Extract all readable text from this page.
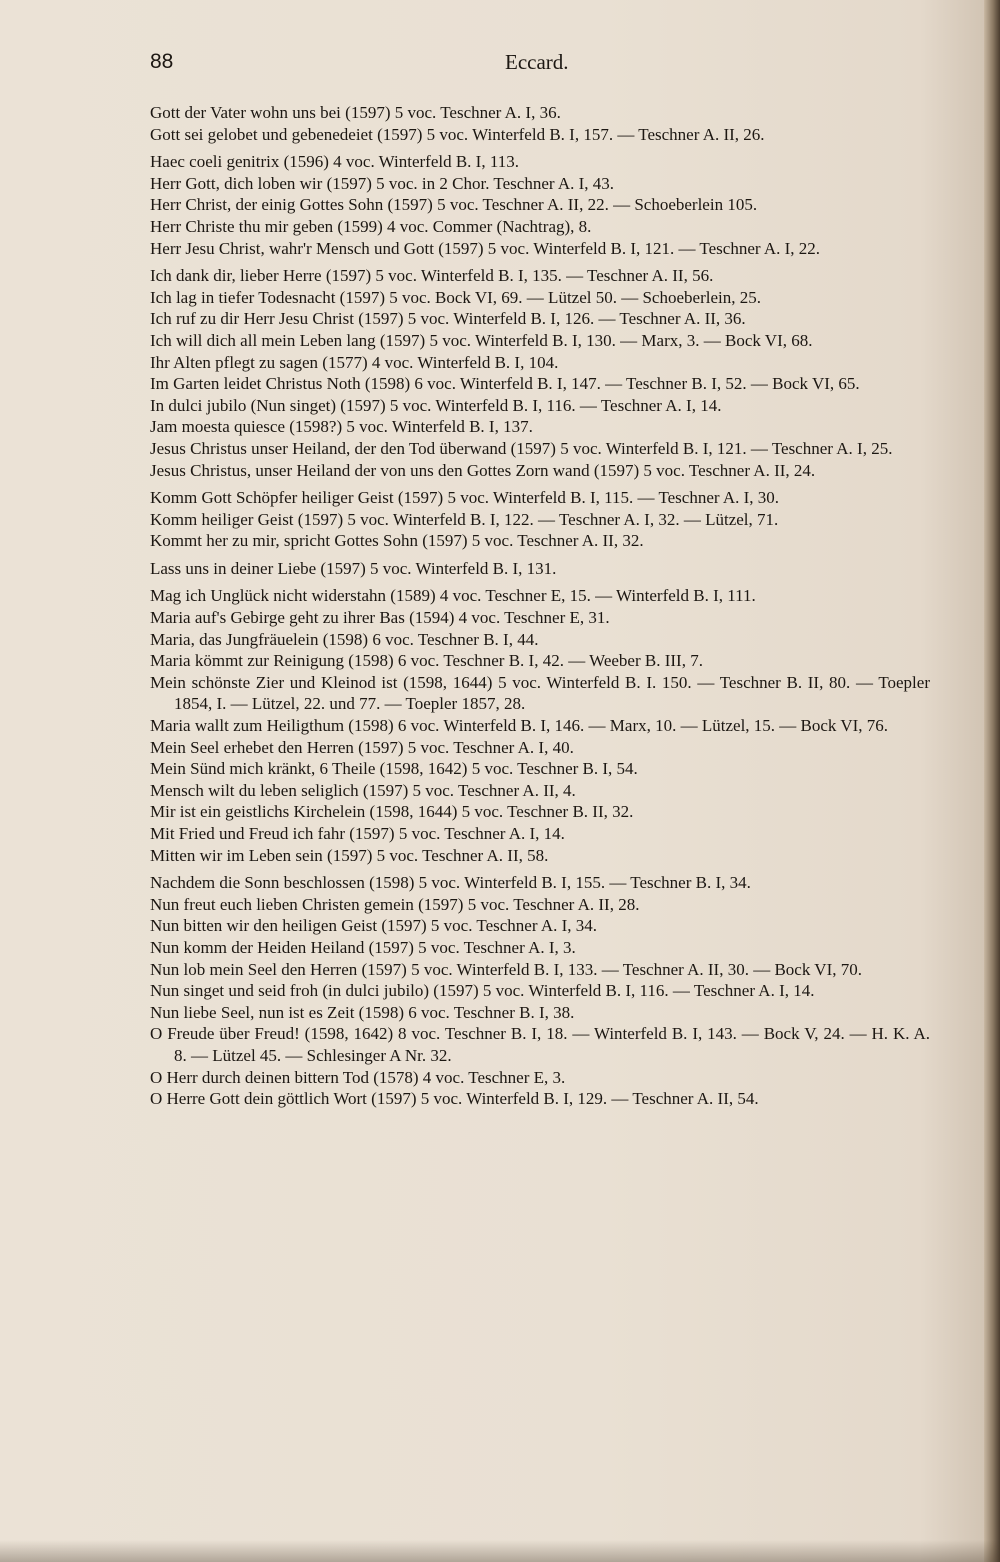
88	Eccard.

Gott der Vater wohn uns bei (1597) 5 voc. Teschner A. I, 36.

Gott sei gelobet und gebenedeiet (1597) 5 voc. Winterfeld B. I, 157. — Teschner A. II, 26.

Haec coeli genitrix (1596) 4 voc. Winterfeld B. I, 113.

Herr Gott, dich loben wir (1597) 5 voc. in 2 Chor. Teschner A. I, 43.

Herr Christ, der einig Gottes Sohn (1597) 5 voc. Teschner A. II, 22. — Schoeberlein 105.

Herr Christe thu mir geben (1599) 4 voc. Commer (Nachtrag), 8.

Herr Jesu Christ, wahr'r Mensch und Gott (1597) 5 voc. Winterfeld B. I, 121. — Teschner A. I, 22.

Ich dank dir, lieber Herre (1597) 5 voc. Winterfeld B. I, 135. — Teschner A. II, 56.

Ich lag in tiefer Todesnacht (1597) 5 voc. Bock VI, 69. — Lützel 50. — Schoeberlein, 25.

Ich ruf zu dir Herr Jesu Christ (1597) 5 voc. Winterfeld B. I, 126. — Teschner A. II, 36.

Ich will dich all mein Leben lang (1597) 5 voc. Winterfeld B. I, 130. — Marx, 3. — Bock VI, 68.

Ihr Alten pflegt zu sagen (1577) 4 voc. Winterfeld B. I, 104.

Im Garten leidet Christus Noth (1598) 6 voc. Winterfeld B. I, 147. — Teschner B. I, 52. — Bock VI, 65.

In dulci jubilo (Nun singet) (1597) 5 voc. Winterfeld B. I, 116. — Teschner A. I, 14.

Jam moesta quiesce (1598?) 5 voc. Winterfeld B. I, 137.

Jesus Christus unser Heiland, der den Tod überwand (1597) 5 voc. Winterfeld B. I, 121. — Teschner A. I, 25.

Jesus Christus, unser Heiland der von uns den Gottes Zorn wand (1597) 5 voc. Teschner A. II, 24.

Komm Gott Schöpfer heiliger Geist (1597) 5 voc. Winterfeld B. I, 115. — Teschner A. I, 30.

Komm heiliger Geist (1597) 5 voc. Winterfeld B. I, 122. — Teschner A. I, 32. — Lützel, 71.

Kommt her zu mir, spricht Gottes Sohn (1597) 5 voc. Teschner A. II, 32.

Lass uns in deiner Liebe (1597) 5 voc. Winterfeld B. I, 131.

Mag ich Unglück nicht widerstahn (1589) 4 voc. Teschner E, 15. — Winterfeld B. I, 111.

Maria auf's Gebirge geht zu ihrer Bas (1594) 4 voc. Teschner E, 31.

Maria, das Jungfräuelein (1598) 6 voc. Teschner B. I, 44.

Maria kömmt zur Reinigung (1598) 6 voc. Teschner B. I, 42. — Weeber B. III, 7.

Mein schönste Zier und Kleinod ist (1598, 1644) 5 voc. Winterfeld B. I. 150. — Teschner B. II, 80. — Toepler 1854, I. — Lützel, 22. und 77. — Toepler 1857, 28.

Maria wallt zum Heiligthum (1598) 6 voc. Winterfeld B. I, 146. — Marx, 10. — Lützel, 15. — Bock VI, 76.

Mein Seel erhebet den Herren (1597) 5 voc. Teschner A. I, 40.

Mein Sünd mich kränkt, 6 Theile (1598, 1642) 5 voc. Teschner B. I, 54.

Mensch wilt du leben seliglich (1597) 5 voc. Teschner A. II, 4.

Mir ist ein geistlichs Kirchelein (1598, 1644) 5 voc. Teschner B. II, 32.

Mit Fried und Freud ich fahr (1597) 5 voc. Teschner A. I, 14.

Mitten wir im Leben sein (1597) 5 voc. Teschner A. II, 58.

Nachdem die Sonn beschlossen (1598) 5 voc. Winterfeld B. I, 155. — Teschner B. I, 34.

Nun freut euch lieben Christen gemein (1597) 5 voc. Teschner A. II, 28.

Nun bitten wir den heiligen Geist (1597) 5 voc. Teschner A. I, 34.

Nun komm der Heiden Heiland (1597) 5 voc. Teschner A. I, 3.

Nun lob mein Seel den Herren (1597) 5 voc. Winterfeld B. I, 133. — Teschner A. II, 30. — Bock VI, 70.

Nun singet und seid froh (in dulci jubilo) (1597) 5 voc. Winterfeld B. I, 116. — Teschner A. I, 14.

Nun liebe Seel, nun ist es Zeit (1598) 6 voc. Teschner B. I, 38.

O Freude über Freud! (1598, 1642) 8 voc. Teschner B. I, 18. — Winterfeld B. I, 143. — Bock V, 24. — H. K. A. 8. — Lützel 45. — Schlesinger A Nr. 32.

O Herr durch deinen bittern Tod (1578) 4 voc. Teschner E, 3.

O Herre Gott dein göttlich Wort (1597) 5 voc. Winterfeld B. I, 129. — Teschner A. II, 54.
